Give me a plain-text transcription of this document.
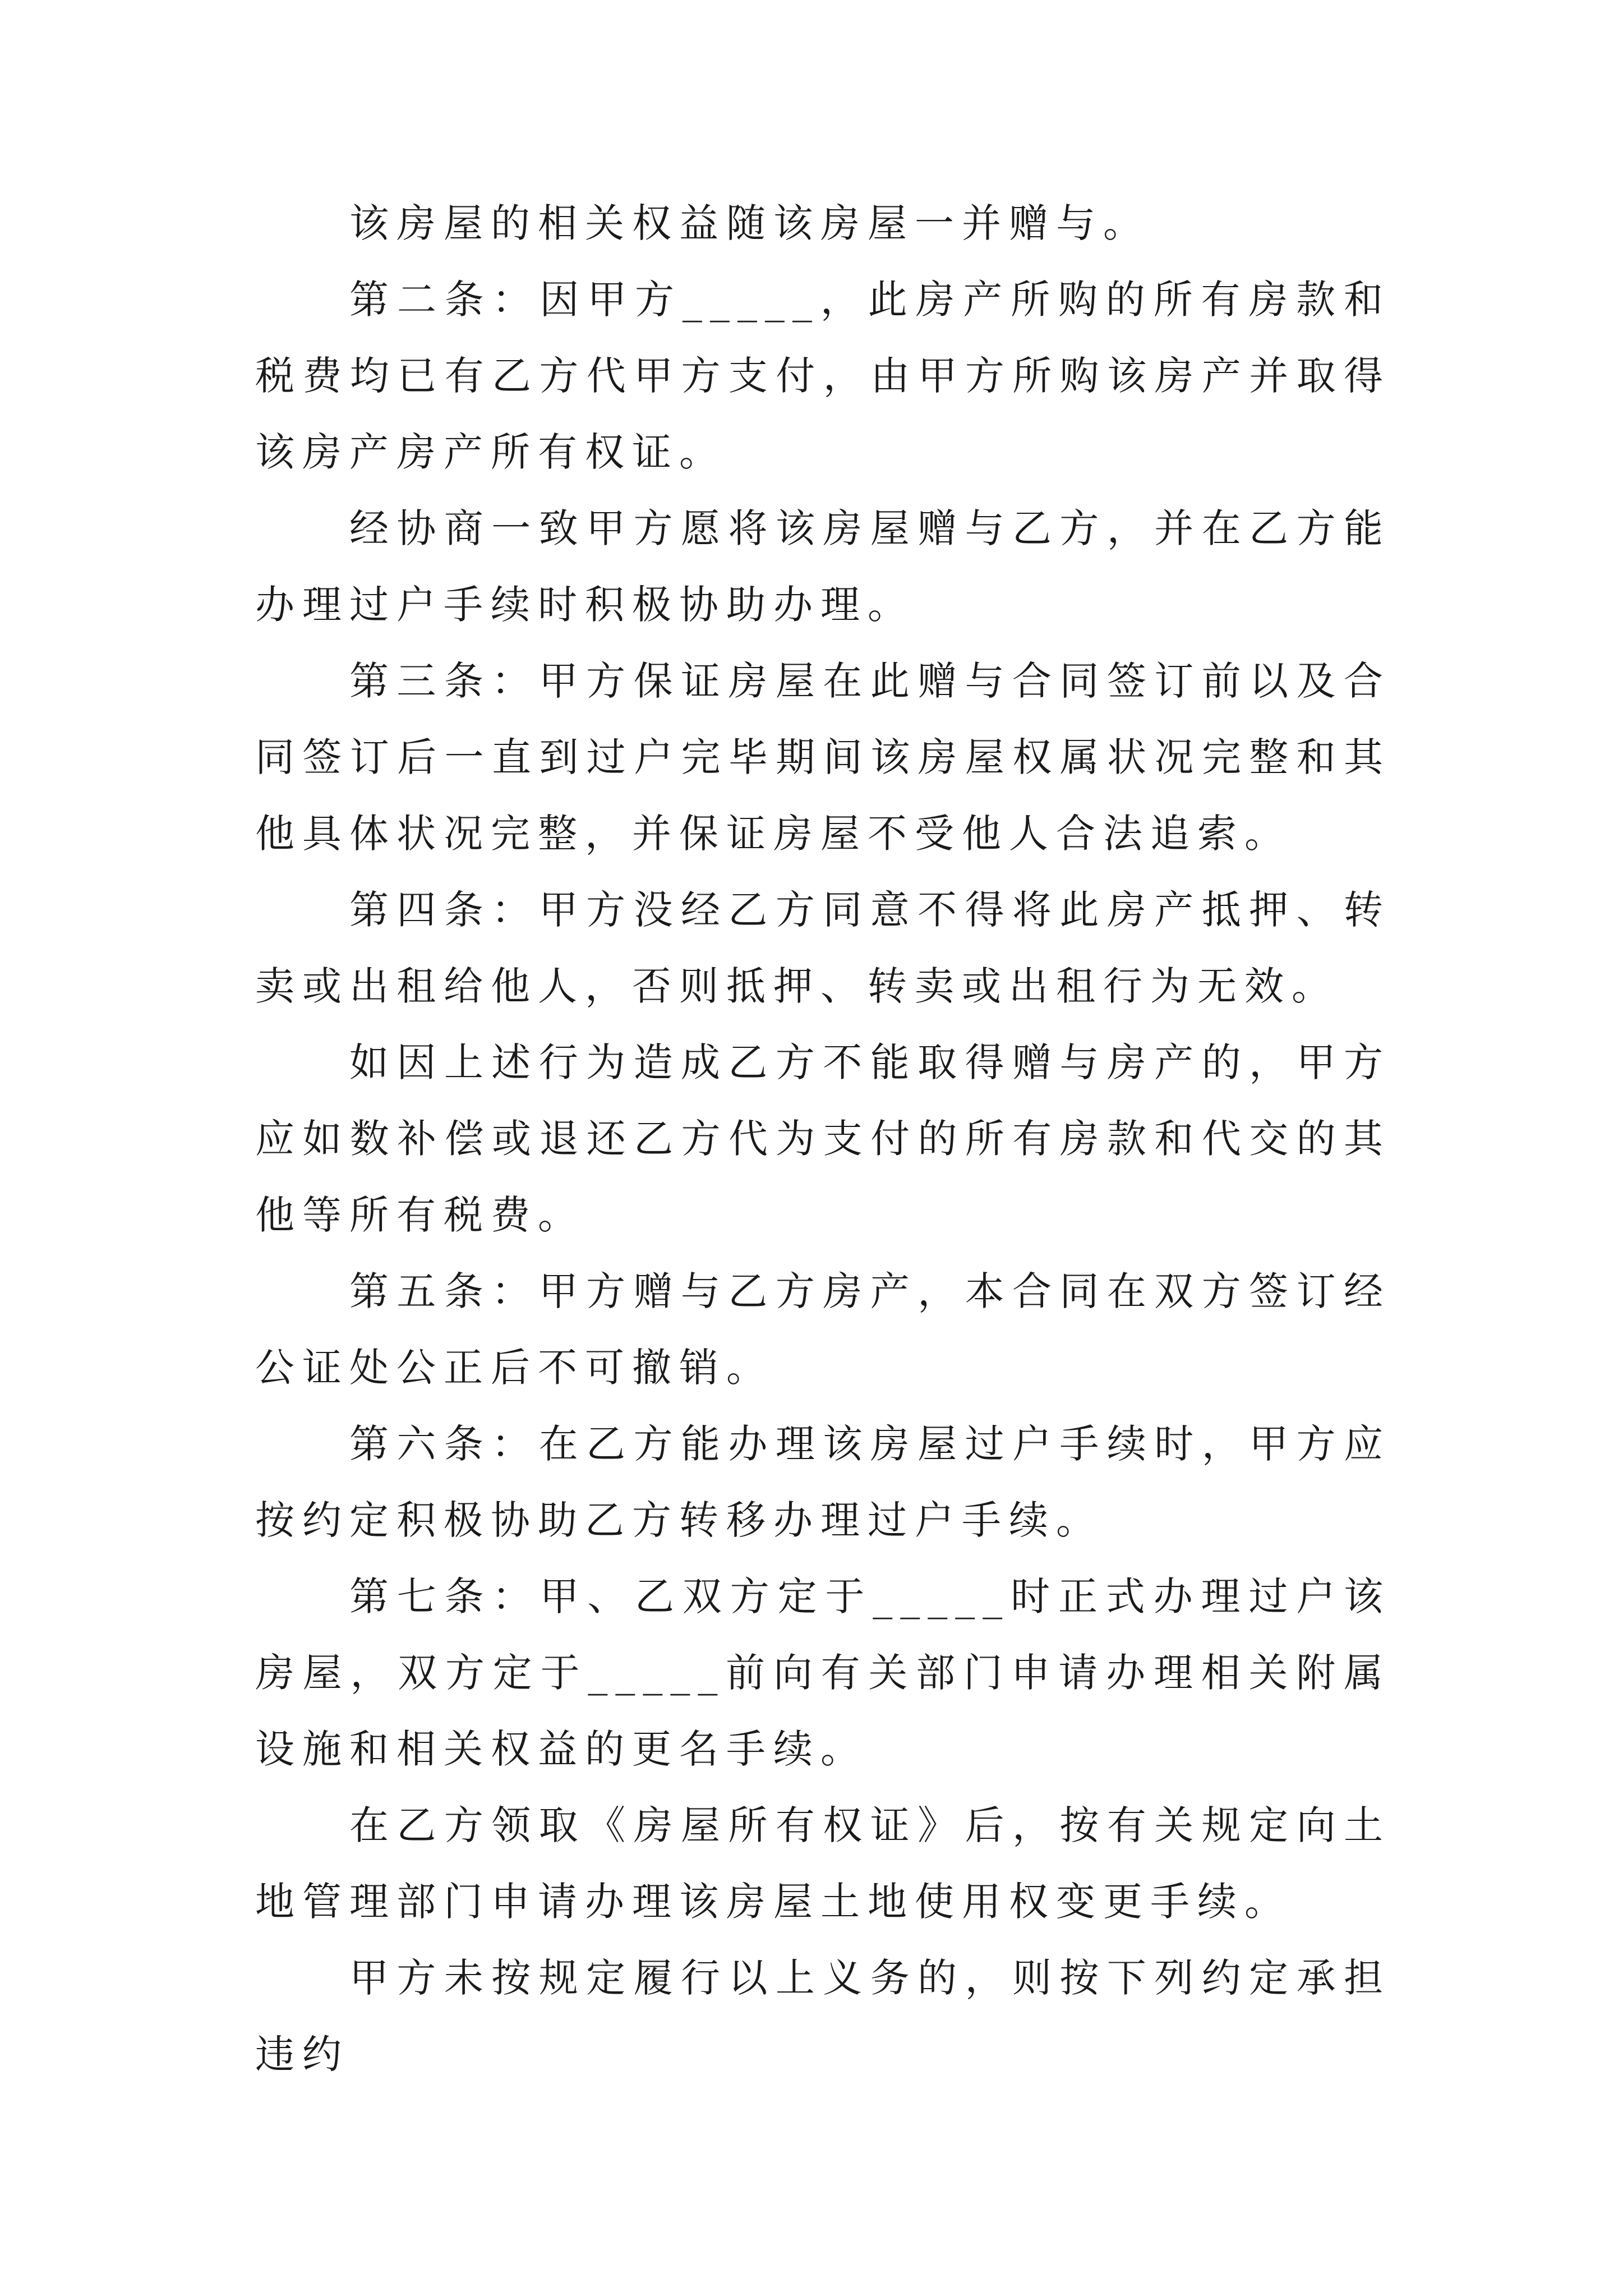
该房屋的相关权益随该房屋一并赠与。

第二条：因甲方_____，此房产所购的所有房款和税费均已有乙方代甲方支付，由甲方所购该房产并取得该房产房产所有权证。

经协商一致甲方愿将该房屋赠与乙方，并在乙方能办理过户手续时积极协助办理。

第三条：甲方保证房屋在此赠与合同签订前以及合同签订后一直到过户完毕期间该房屋权属状况完整和其他具体状况完整，并保证房屋不受他人合法追索。

第四条：甲方没经乙方同意不得将此房产抵押、转卖或出租给他人，否则抵押、转卖或出租行为无效。

如因上述行为造成乙方不能取得赠与房产的，甲方应如数补偿或退还乙方代为支付的所有房款和代交的其他等所有税费。

第五条：甲方赠与乙方房产，本合同在双方签订经公证处公正后不可撤销。

第六条：在乙方能办理该房屋过户手续时，甲方应按约定积极协助乙方转移办理过户手续。

第七条：甲、乙双方定于_____时正式办理过户该房屋，双方定于_____前向有关部门申请办理相关附属设施和相关权益的更名手续。

在乙方领取《房屋所有权证》后，按有关规定向土地管理部门申请办理该房屋土地使用权变更手续。

甲方未按规定履行以上义务的，则按下列约定承担违约
